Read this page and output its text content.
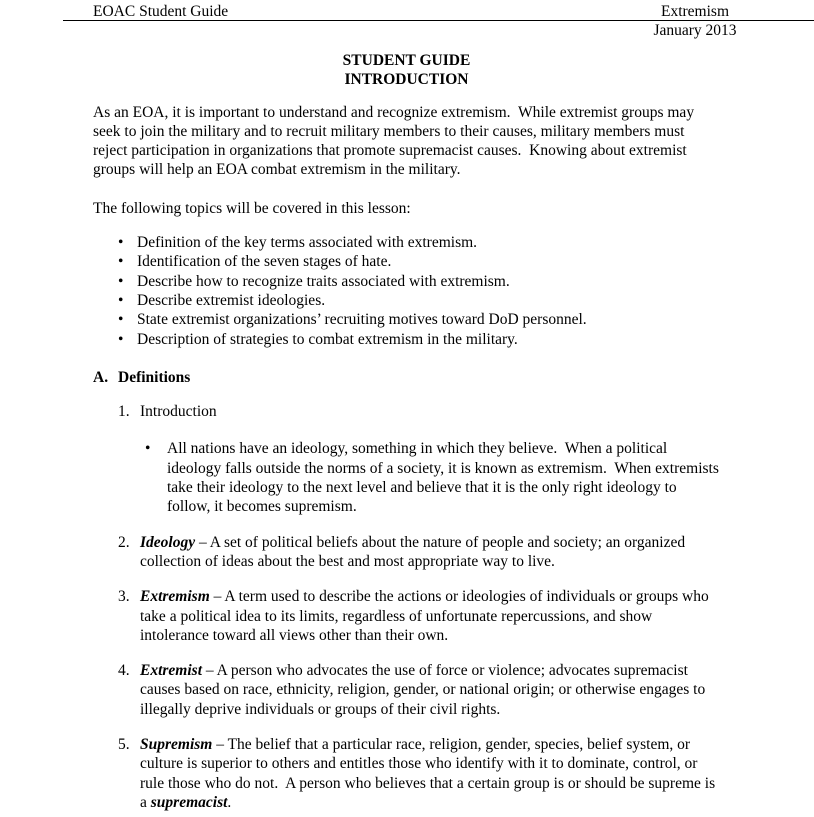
EOAC Student Guide	Extremism
January 2013
STUDENT GUIDE
INTRODUCTION
As an EOA, it is important to understand and recognize extremism.  While extremist groups may seek to join the military and to recruit military members to their causes, military members must reject participation in organizations that promote supremacist causes.  Knowing about extremist groups will help an EOA combat extremism in the military.
The following topics will be covered in this lesson:
• Definition of the key terms associated with extremism.
• Identification of the seven stages of hate.
• Describe how to recognize traits associated with extremism.
• Describe extremist ideologies.
• State extremist organizations’ recruiting motives toward DoD personnel.
• Description of strategies to combat extremism in the military.
A. Definitions
1. Introduction
•	All nations have an ideology, something in which they believe.  When a political ideology falls outside the norms of a society, it is known as extremism.  When extremists take their ideology to the next level and believe that it is the only right ideology to follow, it becomes supremism.
2. Ideology – A set of political beliefs about the nature of people and society; an organized collection of ideas about the best and most appropriate way to live.
3. Extremism – A term used to describe the actions or ideologies of individuals or groups who take a political idea to its limits, regardless of unfortunate repercussions, and show intolerance toward all views other than their own.
4. Extremist – A person who advocates the use of force or violence; advocates supremacist causes based on race, ethnicity, religion, gender, or national origin; or otherwise engages to illegally deprive individuals or groups of their civil rights.
5. Supremism – The belief that a particular race, religion, gender, species, belief system, or culture is superior to others and entitles those who identify with it to dominate, control, or rule those who do not.  A person who believes that a certain group is or should be supreme is a supremacist.
